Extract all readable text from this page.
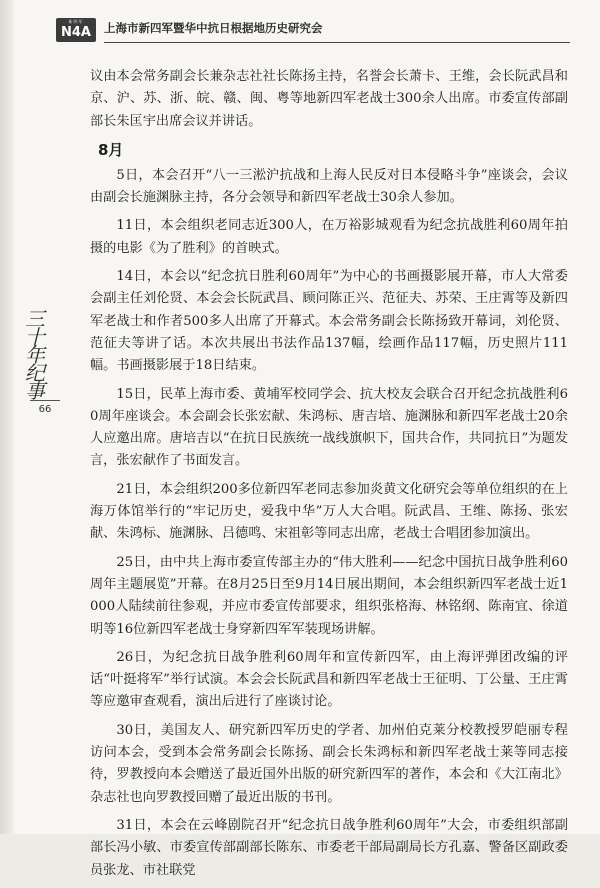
新四军
N4A	上海市新四军暨华中抗日根据地历史研究会
三
十
年
纪
事
66

议由本会常务副会长兼杂志社社长陈扬主持，名誉会长萧卡、王维，会长阮武昌和京、沪、苏、浙、皖、赣、闽、粤等地新四军老战士300余人出席。市委宣传部副部长朱匡宇出席会议并讲话。

8月

5日，本会召开“八一三淞沪抗战和上海人民反对日本侵略斗争”座谈会，会议由副会长施渊脉主持，各分会领导和新四军老战士30余人参加。

11日，本会组织老同志近300人，在万裕影城观看为纪念抗战胜利60周年拍摄的电影《为了胜利》的首映式。

14日，本会以“纪念抗日胜利60周年”为中心的书画摄影展开幕，市人大常委会副主任刘伦贤、本会会长阮武昌、顾问陈正兴、范征夫、苏荣、王庄霄等及新四军老战士和作者500多人出席了开幕式。本会常务副会长陈扬致开幕词，刘伦贤、范征夫等讲了话。本次共展出书法作品137幅，绘画作品117幅，历史照片111幅。书画摄影展于18日结束。

15日，民革上海市委、黄埔军校同学会、抗大校友会联合召开纪念抗战胜利60周年座谈会。本会副会长张宏献、朱鸿标、唐吉培、施渊脉和新四军老战士20余人应邀出席。唐培吉以“在抗日民族统一战线旗帜下，国共合作，共同抗日”为题发言，张宏献作了书面发言。

21日，本会组织200多位新四军老同志参加炎黄文化研究会等单位组织的在上海万体馆举行的“牢记历史，爱我中华”万人大合唱。阮武昌、王维、陈扬、张宏献、朱鸿标、施渊脉、吕德鸣、宋祖彰等同志出席，老战士合唱团参加演出。

25日，由中共上海市委宣传部主办的“伟大胜利——纪念中国抗日战争胜利60周年主题展览”开幕。在8月25日至9月14日展出期间，本会组织新四军老战士近1000人陆续前往参观，并应市委宣传部要求，组织张格海、林铭纲、陈南宜、徐道明等16位新四军老战士身穿新四军军装现场讲解。

26日，为纪念抗日战争胜利60周年和宣传新四军，由上海评弹团改编的评话“叶挺将军”举行试演。本会会长阮武昌和新四军老战士王征明、丁公量、王庄霄等应邀审查观看，演出后进行了座谈讨论。

30日，美国友人、研究新四军历史的学者、加州伯克莱分校教授罗皑丽专程访问本会，受到本会常务副会长陈扬、副会长朱鸿标和新四军老战士莱等同志接待，罗教授向本会赠送了最近国外出版的研究新四军的著作，本会和《大江南北》杂志社也向罗教授回赠了最近出版的书刊。

31日，本会在云峰剧院召开“纪念抗日战争胜利60周年”大会，市委组织部副部长冯小敏、市委宣传部副部长陈东、市委老干部局副局长方孔嘉、警备区副政委员张龙、市社联党
